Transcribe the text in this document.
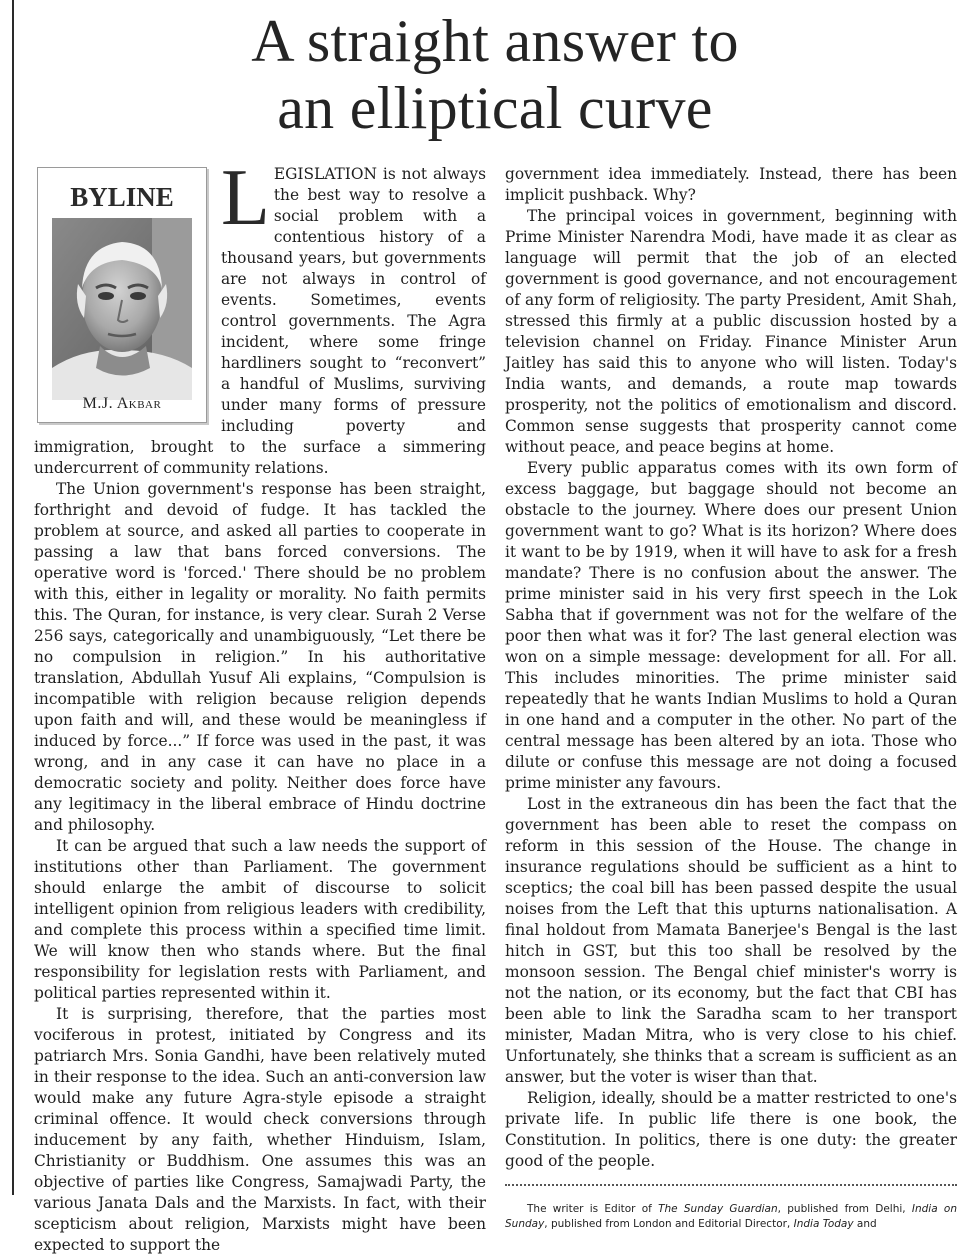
A straight answer to
an elliptical curve
BYLINE
M.J. Akbar

LEGISLATION is not always the best way to resolve a social problem with a contentious history of a thousand years, but governments are not always in control of events. Sometimes, events control governments. The Agra incident, where some fringe hardliners sought to “reconvert” a handful of Muslims, surviving under many forms of pressure including poverty and immigration, brought to the surface a simmering undercurrent of community relations.

The Union government's response has been straight, forthright and devoid of fudge. It has tackled the problem at source, and asked all parties to cooperate in passing a law that bans forced conversions. The operative word is 'forced.' There should be no problem with this, either in legality or morality. No faith permits this. The Quran, for instance, is very clear. Surah 2 Verse 256 says, categorically and unambiguously, “Let there be no compulsion in religion.” In his authoritative translation, Abdullah Yusuf Ali explains, “Compulsion is incompatible with religion because religion depends upon faith and will, and these would be meaningless if induced by force...” If force was used in the past, it was wrong, and in any case it can have no place in a democratic society and polity. Neither does force have any legitimacy in the liberal embrace of Hindu doctrine and philosophy.

It can be argued that such a law needs the support of institutions other than Parliament. The government should enlarge the ambit of discourse to solicit intelligent opinion from religious leaders with credibility, and complete this process within a specified time limit. We will know then who stands where. But the final responsibility for legislation rests with Parliament, and political parties represented within it.

It is surprising, therefore, that the parties most vociferous in protest, initiated by Congress and its patriarch Mrs. Sonia Gandhi, have been relatively muted in their response to the idea. Such an anti-conversion law would make any future Agra-style episode a straight criminal offence. It would check conversions through inducement by any faith, whether Hinduism, Islam, Christianity or Buddhism. One assumes this was an objective of parties like Congress, Samajwadi Party, the various Janata Dals and the Marxists. In fact, with their scepticism about religion, Marxists might have been expected to support the

government idea immediately. Instead, there has been implicit pushback. Why?

The principal voices in government, beginning with Prime Minister Narendra Modi, have made it as clear as language will permit that the job of an elected government is good governance, and not encouragement of any form of religiosity. The party President, Amit Shah, stressed this firmly at a public discussion hosted by a television channel on Friday. Finance Minister Arun Jaitley has said this to anyone who will listen. Today's India wants, and demands, a route map towards prosperity, not the politics of emotionalism and discord. Common sense suggests that prosperity cannot come without peace, and peace begins at home.

Every public apparatus comes with its own form of excess baggage, but baggage should not become an obstacle to the journey. Where does our present Union government want to go? What is its horizon? Where does it want to be by 1919, when it will have to ask for a fresh mandate? There is no confusion about the answer. The prime minister said in his very first speech in the Lok Sabha that if government was not for the welfare of the poor then what was it for? The last general election was won on a simple message: development for all. For all. This includes minorities. The prime minister said repeatedly that he wants Indian Muslims to hold a Quran in one hand and a computer in the other. No part of the central message has been altered by an iota. Those who dilute or confuse this message are not doing a focused prime minister any favours.

Lost in the extraneous din has been the fact that the government has been able to reset the compass on reform in this session of the House. The change in insurance regulations should be sufficient as a hint to sceptics; the coal bill has been passed despite the usual noises from the Left that this upturns nationalisation. A final holdout from Mamata Banerjee's Bengal is the last hitch in GST, but this too shall be resolved by the monsoon session. The Bengal chief minister's worry is not the nation, or its economy, but the fact that CBI has been able to link the Saradha scam to her transport minister, Madan Mitra, who is very close to his chief. Unfortunately, she thinks that a scream is sufficient as an answer, but the voter is wiser than that.

Religion, ideally, should be a matter restricted to one's private life. In public life there is one book, the Constitution. In politics, there is one duty: the greater good of the people.

The writer is Editor of The Sunday Guardian, published from Delhi, India on Sunday, published from London and Editorial Director, India Today and
